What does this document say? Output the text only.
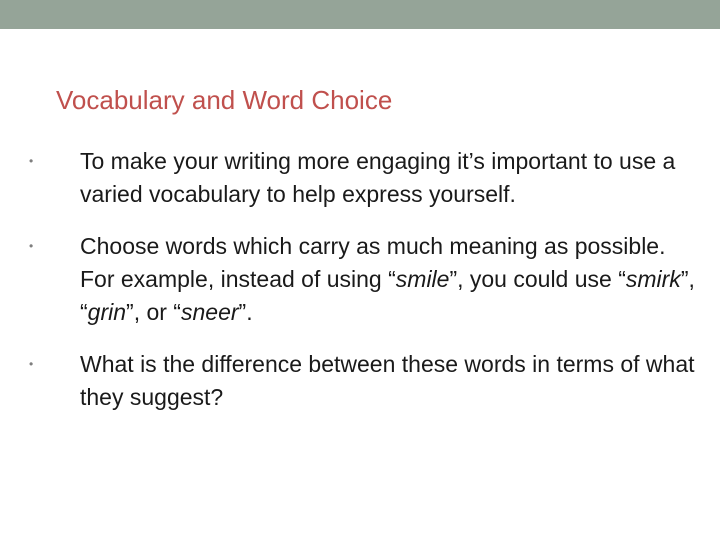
Vocabulary and Word Choice
•	To make your writing more engaging it’s important to use a varied vocabulary to help express yourself.
•	Choose words which carry as much meaning as possible. For example, instead of using “smile”, you could use “smirk”, “grin”, or “sneer”.
•	What is the difference between these words in terms of what they suggest?
